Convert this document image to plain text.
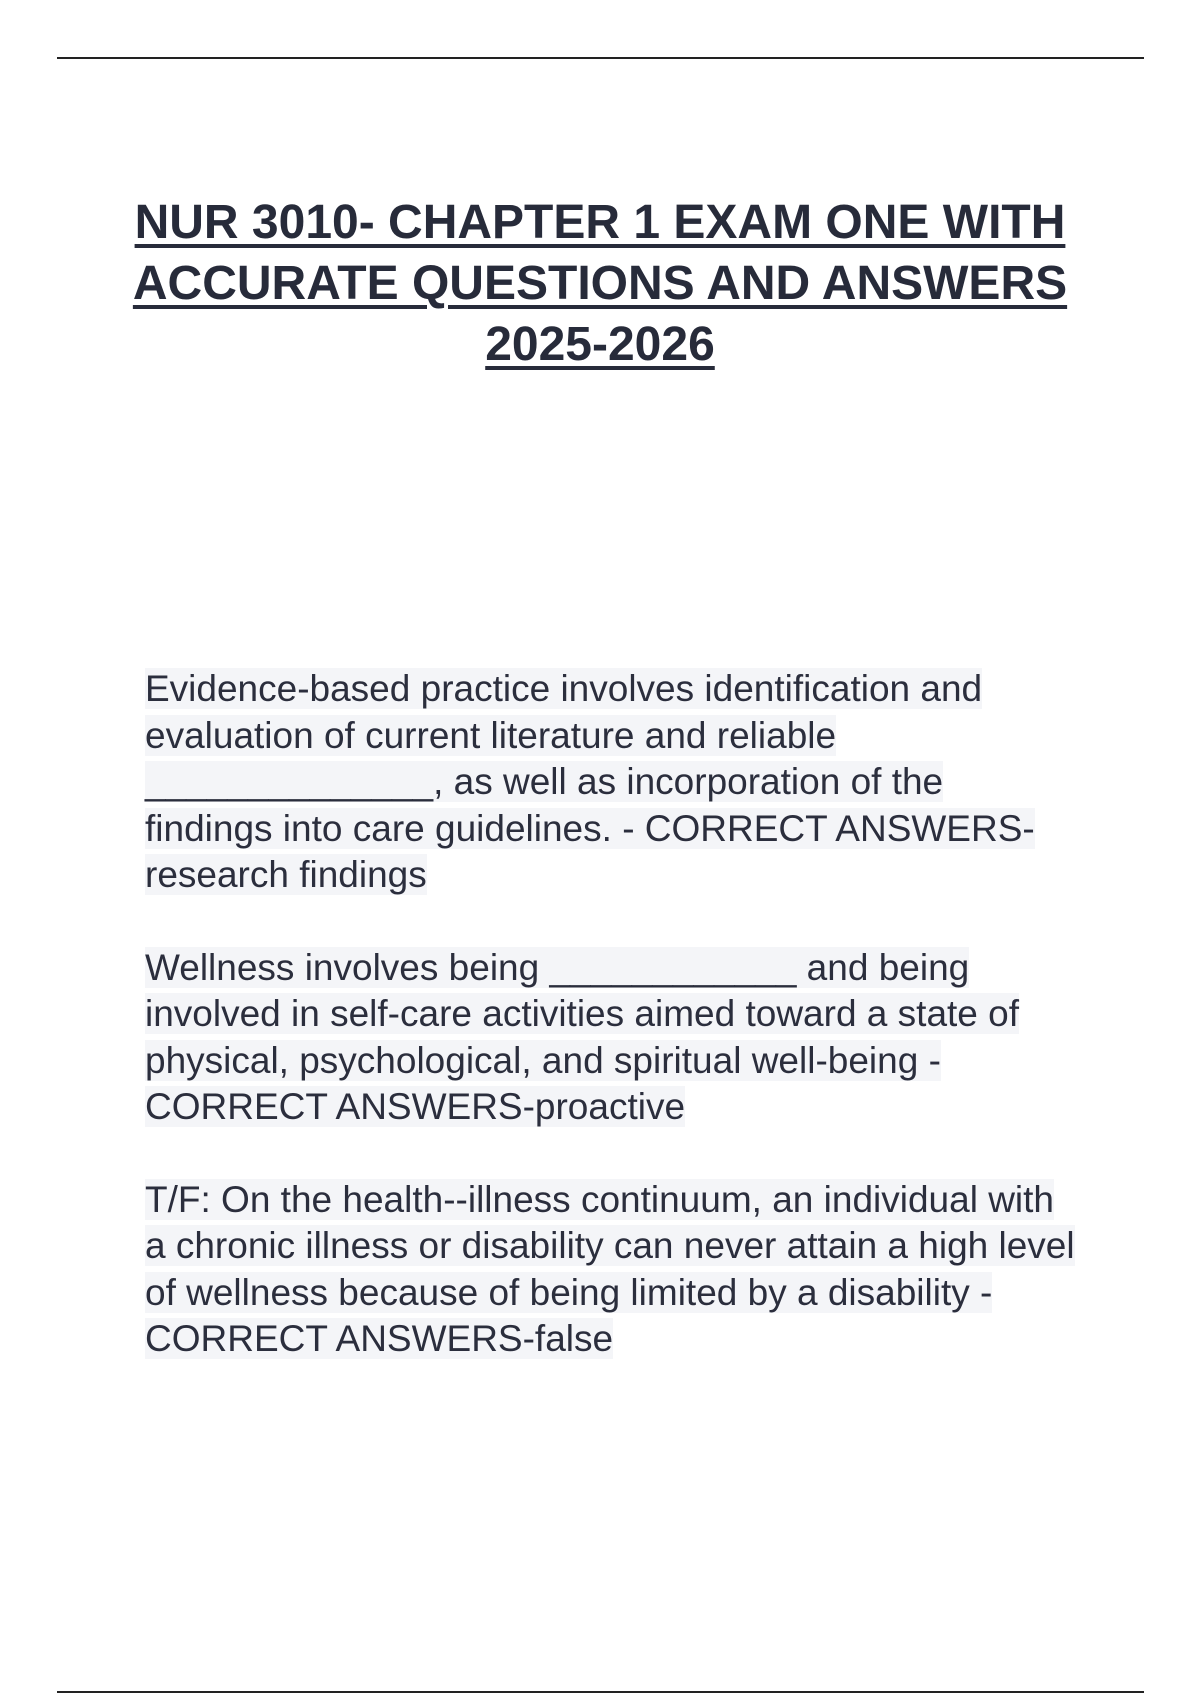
NUR 3010- CHAPTER 1 EXAM ONE WITH ACCURATE QUESTIONS AND ANSWERS 2025-2026

Evidence-based practice involves identification and evaluation of current literature and reliable ______________, as well as incorporation of the findings into care guidelines. - CORRECT ANSWERS-research findings

Wellness involves being ____________ and being involved in self-care activities aimed toward a state of physical, psychological, and spiritual well-being - CORRECT ANSWERS-proactive

T/F: On the health--illness continuum, an individual with a chronic illness or disability can never attain a high level of wellness because of being limited by a disability - CORRECT ANSWERS-false
